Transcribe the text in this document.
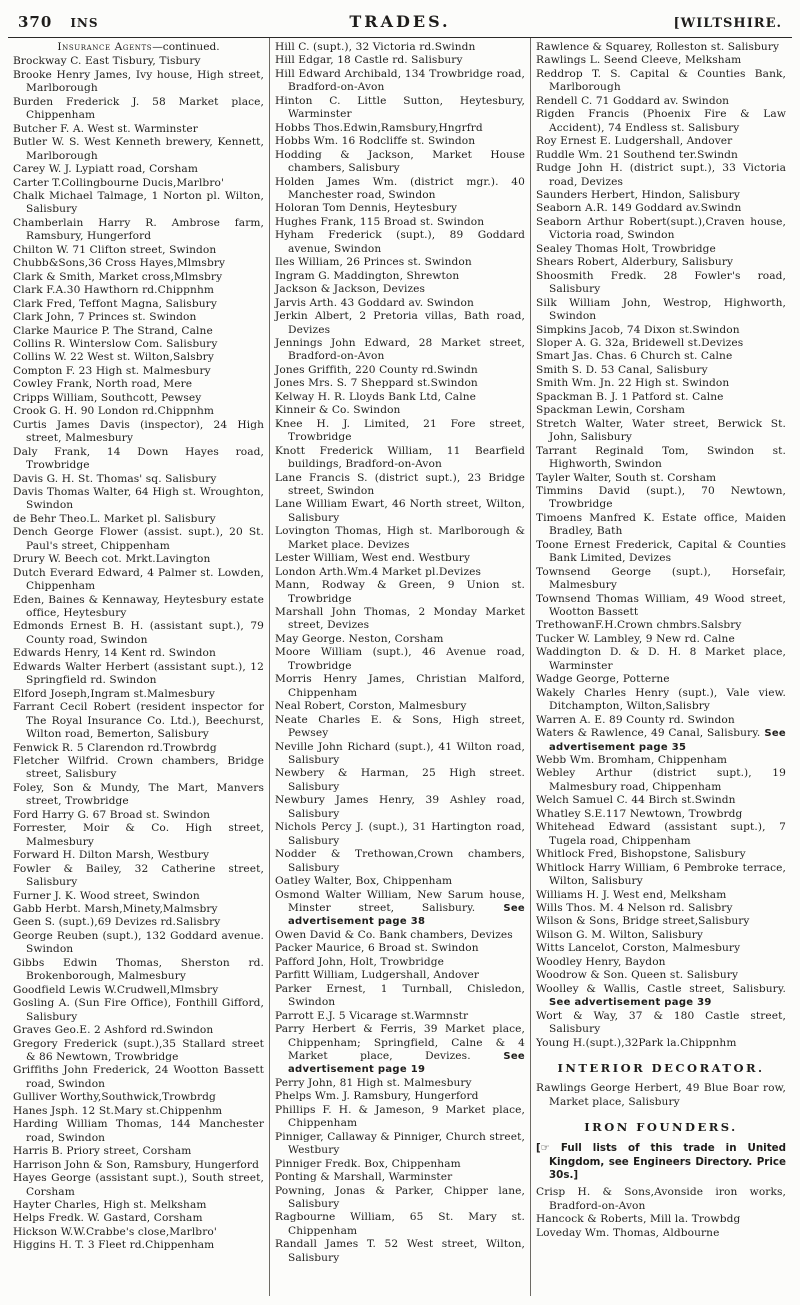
370 INS	TRADES.	[WILTSHIRE.
Insurance Agents—continued.
Brockway C. East Tisbury, Tisbury
Brooke Henry James, Ivy house, High street, Marlborough
Burden Frederick J. 58 Market place, Chippenham
Butcher F. A. West st. Warminster
Butler W. S. West Kenneth brewery, Kennett, Marlborough
Carey W. J. Lypiatt road, Corsham
Carter T.Collingbourne Ducis,Marlbro'
Chalk Michael Talmage, 1 Norton pl. Wilton, Salisbury
Chamberlain Harry R. Ambrose farm, Ramsbury, Hungerford
Chilton W. 71 Clifton street, Swindon
Chubb&Sons,36 Cross Hayes,Mlmsbry
Clark & Smith, Market cross,Mlmsbry
Clark F.A.30 Hawthorn rd.Chippnhm
Clark Fred, Teffont Magna, Salisbury
Clark John, 7 Princes st. Swindon
Clarke Maurice P. The Strand, Calne
Collins R. Winterslow Com. Salisbury
Collins W. 22 West st. Wilton,Salsbry
Compton F. 23 High st. Malmesbury
Cowley Frank, North road, Mere
Cripps William, Southcott, Pewsey
Crook G. H. 90 London rd.Chippnhm
Curtis James Davis (inspector), 24 High street, Malmesbury
Daly Frank, 14 Down Hayes road, Trowbridge
Davis G. H. St. Thomas' sq. Salisbury
Davis Thomas Walter, 64 High st. Wroughton, Swindon
de Behr Theo.L. Market pl. Salisbury
Dench George Flower (assist. supt.), 20 St. Paul's street, Chippenham
Drury W. Beech cot. Mrkt.Lavington
Dutch Everard Edward, 4 Palmer st. Lowden, Chippenham
Eden, Baines & Kennaway, Heytesbury estate office, Heytesbury
Edmonds Ernest B. H. (assistant supt.), 79 County road, Swindon
Edwards Henry, 14 Kent rd. Swindon
Edwards Walter Herbert (assistant supt.), 12 Springfield rd. Swindon
Elford Joseph,Ingram st.Malmesbury
Farrant Cecil Robert (resident inspector for The Royal Insurance Co. Ltd.), Beechurst, Wilton road, Bemerton, Salisbury
Fenwick R. 5 Clarendon rd.Trowbrdg
Fletcher Wilfrid. Crown chambers, Bridge street, Salisbury
Foley, Son & Mundy, The Mart, Manvers street, Trowbridge
Ford Harry G. 67 Broad st. Swindon
Forrester, Moir & Co. High street, Malmesbury
Forward H. Dilton Marsh, Westbury
Fowler & Bailey, 32 Catherine street, Salisbury
Furner J. K. Wood street, Swindon
Gabb Herbt. Marsh,Minety,Malmsbry
Geen S. (supt.),69 Devizes rd.Salisbry
George Reuben (supt.), 132 Goddard avenue. Swindon
Gibbs Edwin Thomas, Sherston rd. Brokenborough, Malmesbury
Goodfield Lewis W.Crudwell,Mlmsbry
Gosling A. (Sun Fire Office), Fonthill Gifford, Salisbury
Graves Geo.E. 2 Ashford rd.Swindon
Gregory Frederick (supt.),35 Stallard street & 86 Newtown, Trowbridge
Griffiths John Frederick, 24 Wootton Bassett road, Swindon
Gulliver Worthy,Southwick,Trowbrdg
Hanes Jsph. 12 St.Mary st.Chippenhm
Harding William Thomas, 144 Manchester road, Swindon
Harris B. Priory street, Corsham
Harrison John & Son, Ramsbury, Hungerford
Hayes George (assistant supt.), South street, Corsham
Hayter Charles, High st. Melksham
Helps Fredk. W. Gastard, Corsham
Hickson W.W.Crabbe's close,Marlbro'
Higgins H. T. 3 Fleet rd.Chippenham
Hill C. (supt.), 32 Victoria rd.Swindn
Hill Edgar, 18 Castle rd. Salisbury
Hill Edward Archibald, 134 Trowbridge road, Bradford-on-Avon
Hinton C. Little Sutton, Heytesbury, Warminster
Hobbs Thos.Edwin,Ramsbury,Hngrfrd
Hobbs Wm. 16 Rodcliffe st. Swindon
Hodding & Jackson, Market House chambers, Salisbury
Holden James Wm. (district mgr.). 40 Manchester road, Swindon
Holoran Tom Dennis, Heytesbury
Hughes Frank, 115 Broad st. Swindon
Hyham Frederick (supt.), 89 Goddard avenue, Swindon
Iles William, 26 Princes st. Swindon
Ingram G. Maddington, Shrewton
Jackson & Jackson, Devizes
Jarvis Arth. 43 Goddard av. Swindon
Jerkin Albert, 2 Pretoria villas, Bath road, Devizes
Jennings John Edward, 28 Market street, Bradford-on-Avon
Jones Griffith, 220 County rd.Swindn
Jones Mrs. S. 7 Sheppard st.Swindon
Kelway H. R. Lloyds Bank Ltd, Calne
Kinneir & Co. Swindon
Knee H. J. Limited, 21 Fore street, Trowbridge
Knott Frederick William, 11 Bearfield buildings, Bradford-on-Avon
Lane Francis S. (district supt.), 23 Bridge street, Swindon
Lane William Ewart, 46 North street, Wilton, Salisbury
Lovington Thomas, High st. Marlborough & Market place. Devizes
Lester William, West end. Westbury
London Arth.Wm.4 Market pl.Devizes
Mann, Rodway & Green, 9 Union st. Trowbridge
Marshall John Thomas, 2 Monday Market street, Devizes
May George. Neston, Corsham
Moore William (supt.), 46 Avenue road, Trowbridge
Morris Henry James, Christian Malford, Chippenham
Neal Robert, Corston, Malmesbury
Neate Charles E. & Sons, High street, Pewsey
Neville John Richard (supt.), 41 Wilton road, Salisbury
Newbery & Harman, 25 High street. Salisbury
Newbury James Henry, 39 Ashley road, Salisbury
Nichols Percy J. (supt.), 31 Hartington road, Salisbury
Nodder & Trethowan,Crown chambers, Salisbury
Oatley Walter, Box, Chippenham
Osmond Walter William, New Sarum house, Minster street, Salisbury. See advertisement page 38
Owen David & Co. Bank chambers, Devizes
Packer Maurice, 6 Broad st. Swindon
Pafford John, Holt, Trowbridge
Parfitt William, Ludgershall, Andover
Parker Ernest, 1 Turnball, Chisledon, Swindon
Parrott E.J. 5 Vicarage st.Warmnstr
Parry Herbert & Ferris, 39 Market place, Chippenham; Springfield, Calne & 4 Market place, Devizes. See advertisement page 19
Perry John, 81 High st. Malmesbury
Phelps Wm. J. Ramsbury, Hungerford
Phillips F. H. & Jameson, 9 Market place, Chippenham
Pinniger, Callaway & Pinniger, Church street, Westbury
Pinniger Fredk. Box, Chippenham
Ponting & Marshall, Warminster
Powning, Jonas & Parker, Chipper lane, Salisbury
Ragbourne William, 65 St. Mary st. Chippenham
Randall James T. 52 West street, Wilton, Salisbury
Rawlence & Squarey, Rolleston st. Salisbury
Rawlings L. Seend Cleeve, Melksham
Reddrop T. S. Capital & Counties Bank, Marlborough
Rendell C. 71 Goddard av. Swindon
Rigden Francis (Phoenix Fire & Law Accident), 74 Endless st. Salisbury
Roy Ernest E. Ludgershall, Andover
Ruddle Wm. 21 Southend ter.Swindn
Rudge John H. (district supt.), 33 Victoria road, Devizes
Saunders Herbert, Hindon, Salisbury
Seaborn A.R. 149 Goddard av.Swindn
Seaborn Arthur Robert(supt.),Craven house, Victoria road, Swindon
Sealey Thomas Holt, Trowbridge
Shears Robert, Alderbury, Salisbury
Shoosmith Fredk. 28 Fowler's road, Salisbury
Silk William John, Westrop, Highworth, Swindon
Simpkins Jacob, 74 Dixon st.Swindon
Sloper A. G. 32a, Bridewell st.Devizes
Smart Jas. Chas. 6 Church st. Calne
Smith S. D. 53 Canal, Salisbury
Smith Wm. Jn. 22 High st. Swindon
Spackman B. J. 1 Patford st. Calne
Spackman Lewin, Corsham
Stretch Walter, Water street, Berwick St. John, Salisbury
Tarrant Reginald Tom, Swindon st. Highworth, Swindon
Tayler Walter, South st. Corsham
Timmins David (supt.), 70 Newtown, Trowbridge
Timoens Manfred K. Estate office, Maiden Bradley, Bath
Toone Ernest Frederick, Capital & Counties Bank Limited, Devizes
Townsend George (supt.), Horsefair, Malmesbury
Townsend Thomas William, 49 Wood street, Wootton Bassett
TrethowanF.H.Crown chmbrs.Salsbry
Tucker W. Lambley, 9 New rd. Calne
Waddington D. & D. H. 8 Market place, Warminster
Wadge George, Potterne
Wakely Charles Henry (supt.), Vale view. Ditchampton, Wilton,Salisbry
Warren A. E. 89 County rd. Swindon
Waters & Rawlence, 49 Canal, Salisbury. See advertisement page 35
Webb Wm. Bromham, Chippenham
Webley Arthur (district supt.), 19 Malmesbury road, Chippenham
Welch Samuel C. 44 Birch st.Swindn
Whatley S.E.117 Newtown, Trowbrdg
Whitehead Edward (assistant supt.), 7 Tugela road, Chippenham
Whitlock Fred, Bishopstone, Salisbury
Whitlock Harry William, 6 Pembroke terrace, Wilton, Salisbury
Williams H. J. West end, Melksham
Wills Thos. M. 4 Nelson rd. Salisbry
Wilson & Sons, Bridge street,Salisbury
Wilson G. M. Wilton, Salisbury
Witts Lancelot, Corston, Malmesbury
Woodley Henry, Baydon
Woodrow & Son. Queen st. Salisbury
Woolley & Wallis, Castle street, Salisbury. See advertisement page 39
Wort & Way, 37 & 180 Castle street, Salisbury
Young H.(supt.),32Park la.Chippnhm
INTERIOR DECORATOR.
Rawlings George Herbert, 49 Blue Boar row, Market place, Salisbury
IRON FOUNDERS.
[☞ Full lists of this trade in United Kingdom, see Engineers Directory. Price 30s.]
Crisp H. & Sons,Avonside iron works, Bradford-on-Avon
Hancock & Roberts, Mill la. Trowbdg
Loveday Wm. Thomas, Aldbourne
